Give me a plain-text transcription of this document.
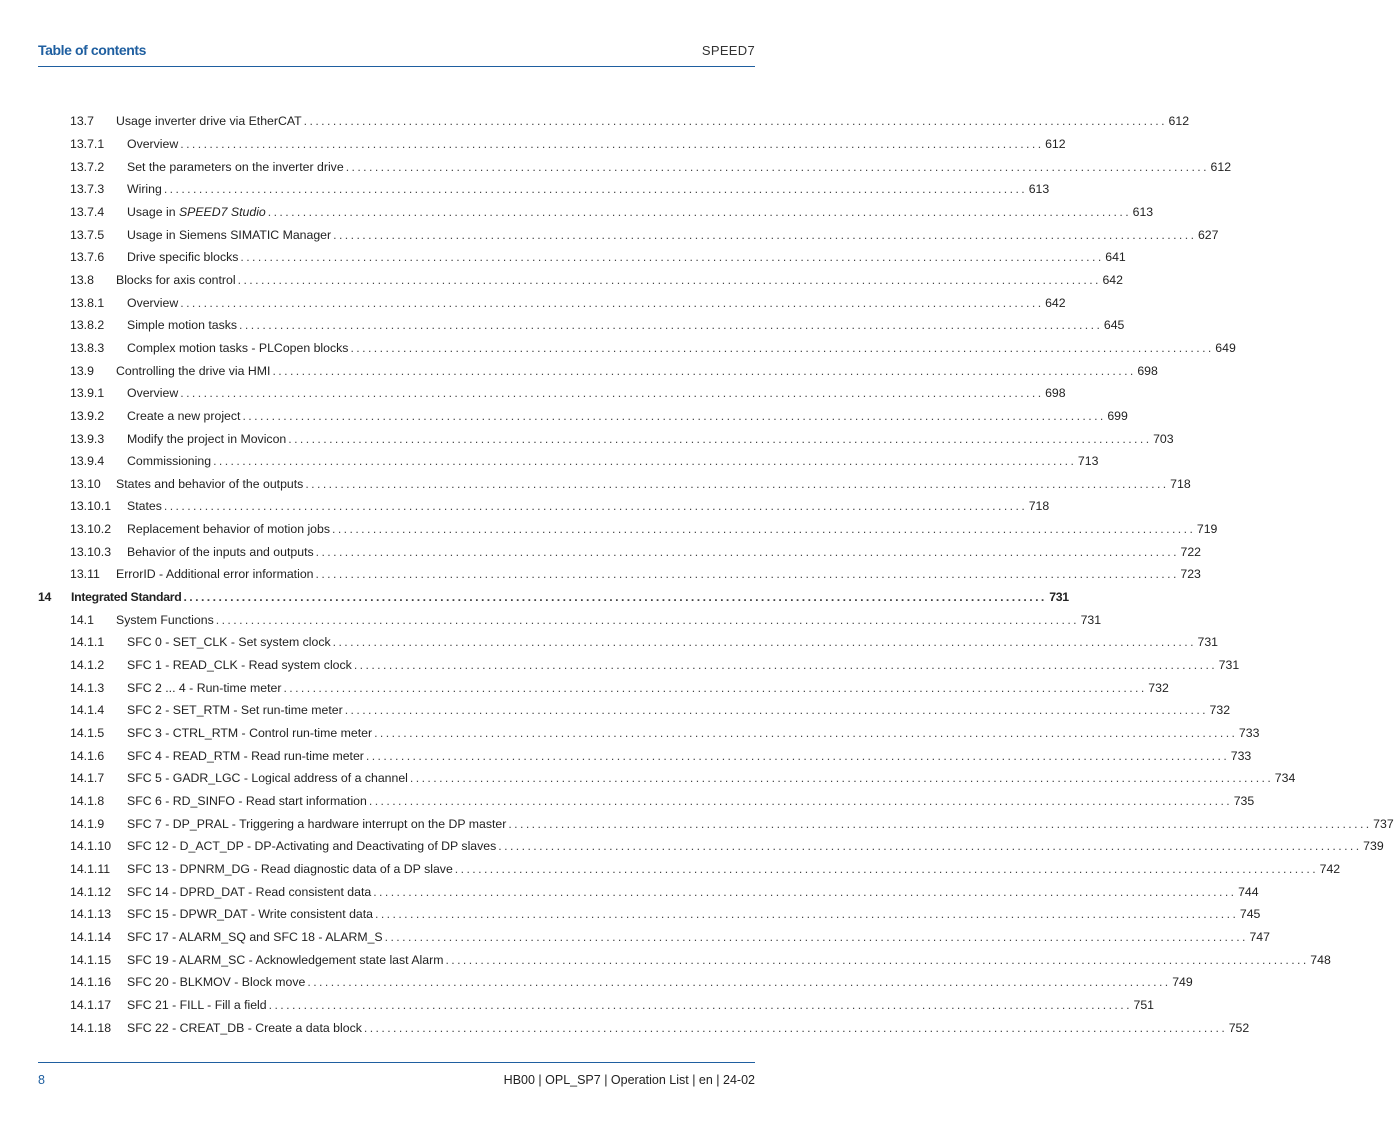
Table of contents	SPEED7
13.7	Usage inverter drive via EtherCAT . . .	612
13.7.1	Overview . . .	612
13.7.2	Set the parameters on the inverter drive . . .	612
13.7.3	Wiring . . .	613
13.7.4	Usage in SPEED7 Studio . . .	613
13.7.5	Usage in Siemens SIMATIC Manager . . .	627
13.7.6	Drive specific blocks . . .	641
13.8	Blocks for axis control . . .	642
13.8.1	Overview . . .	642
13.8.2	Simple motion tasks . . .	645
13.8.3	Complex motion tasks - PLCopen blocks . . .	649
13.9	Controlling the drive via HMI . . .	698
13.9.1	Overview . . .	698
13.9.2	Create a new project . . .	699
13.9.3	Modify the project in Movicon . . .	703
13.9.4	Commissioning . . .	713
13.10	States and behavior of the outputs . . .	718
13.10.1	States . . .	718
13.10.2	Replacement behavior of motion jobs . . .	719
13.10.3	Behavior of the inputs and outputs . . .	722
13.11	ErrorID - Additional error information . . .	723
14	Integrated Standard . . .	731
14.1	System Functions . . .	731
14.1.1	SFC 0 - SET_CLK - Set system clock . . .	731
14.1.2	SFC 1 - READ_CLK - Read system clock . . .	731
14.1.3	SFC 2 ... 4 - Run-time meter . . .	732
14.1.4	SFC 2 - SET_RTM - Set run-time meter . . .	732
14.1.5	SFC 3 - CTRL_RTM - Control run-time meter . . .	733
14.1.6	SFC 4 - READ_RTM - Read run-time meter . . .	733
14.1.7	SFC 5 - GADR_LGC - Logical address of a channel . . .	734
14.1.8	SFC 6 - RD_SINFO - Read start information . . .	735
14.1.9	SFC 7 - DP_PRAL - Triggering a hardware interrupt on the DP master . . .	737
14.1.10	SFC 12 - D_ACT_DP - DP-Activating and Deactivating of DP slaves . . .	739
14.1.11	SFC 13 - DPNRM_DG - Read diagnostic data of a DP slave . . .	742
14.1.12	SFC 14 - DPRD_DAT - Read consistent data . . .	744
14.1.13	SFC 15 - DPWR_DAT - Write consistent data . . .	745
14.1.14	SFC 17 - ALARM_SQ and SFC 18 - ALARM_S . . .	747
14.1.15	SFC 19 - ALARM_SC - Acknowledgement state last Alarm . . .	748
14.1.16	SFC 20 - BLKMOV - Block move . . .	749
14.1.17	SFC 21 - FILL - Fill a field . . .	751
14.1.18	SFC 22 - CREAT_DB - Create a data block . . .	752
8	HB00 | OPL_SP7 | Operation List | en | 24-02
